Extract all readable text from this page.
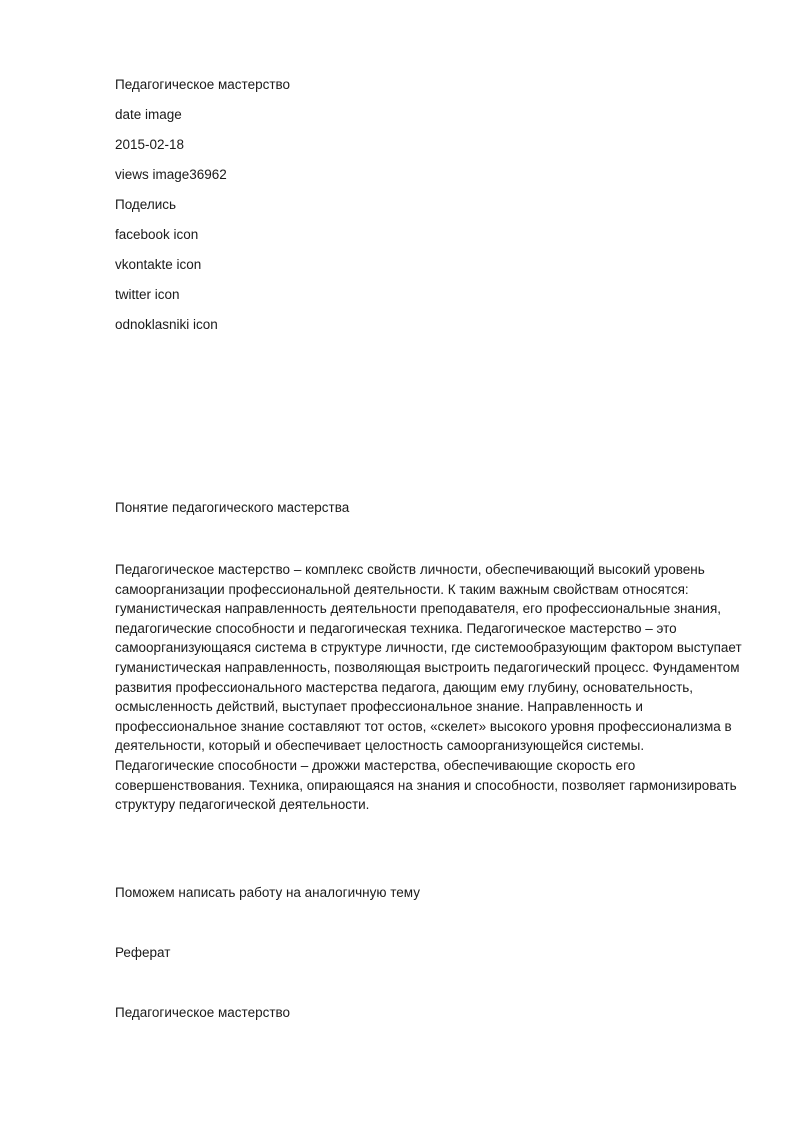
Педагогическое мастерство
date image
2015-02-18
views image36962
Поделись
facebook icon
vkontakte icon
twitter icon
odnoklasniki icon
Понятие педагогического мастерства
Педагогическое мастерство – комплекс свойств личности, обеспечивающий высокий уровень
самоорганизации профессиональной деятельности. К таким важным свойствам относятся:
гуманистическая направленность деятельности преподавателя, его профессиональные знания,
педагогические способности и педагогическая техника. Педагогическое мастерство – это
самоорганизующаяся система в структуре личности, где системообразующим фактором выступает
гуманистическая направленность, позволяющая выстроить педагогический процесс. Фундаментом
развития профессионального мастерства педагога, дающим ему глубину, основательность,
осмысленность действий, выступает профессиональное знание. Направленность и
профессиональное знание составляют тот остов, «скелет» высокого уровня профессионализма в
деятельности, который и обеспечивает целостность самоорганизующейся системы.
Педагогические способности – дрожжи мастерства, обеспечивающие скорость его
совершенствования. Техника, опирающаяся на знания и способности, позволяет гармонизировать
структуру педагогической деятельности.
Поможем написать работу на аналогичную тему
Реферат
Педагогическое мастерство
